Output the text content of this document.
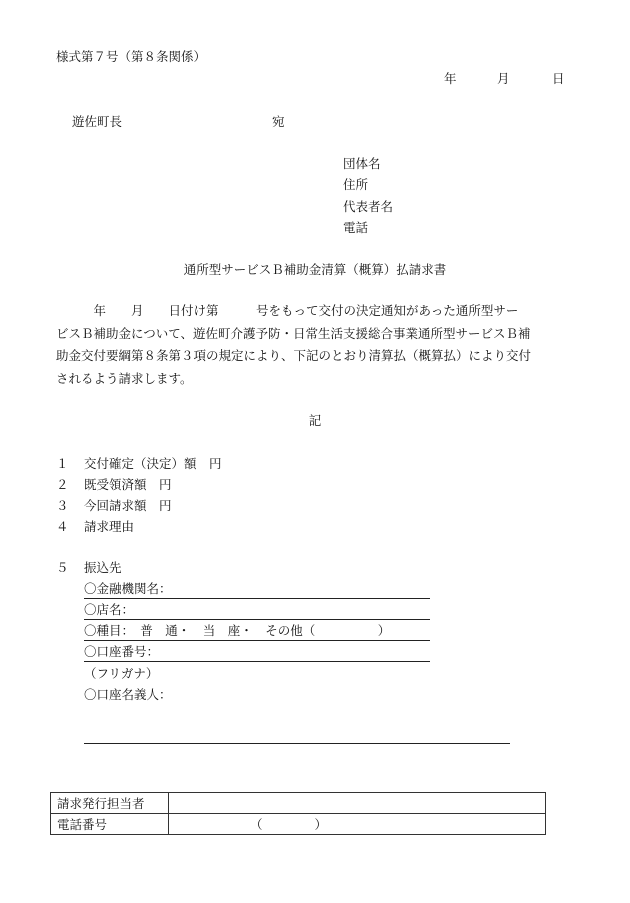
様式第７号（第８条関係）
年	月	日
遊佐町長	宛
団体名
住所
代表者名
電話
通所型サービスＢ補助金清算（概算）払請求書
　　　年　　月　　日付け第　　　号をもって交付の決定通知があった通所型サー
ビスＢ補助金について、遊佐町介護予防・日常生活支援総合事業通所型サービスＢ補
助金交付要綱第８条第３項の規定により、下記のとおり清算払（概算払）により交付
されるよう請求します。
記
１ 交付確定（決定）額　円
２ 既受領済額　円
３ 今回請求額　円
４ 請求理由
５ 振込先
〇金融機関名：
〇店名：
〇種目：　普　通・　当　座・　その他（　　　　　）
〇口座番号：
（フリガナ）
〇口座名義人：
請求発行担当者	
電話番号	（ ）
